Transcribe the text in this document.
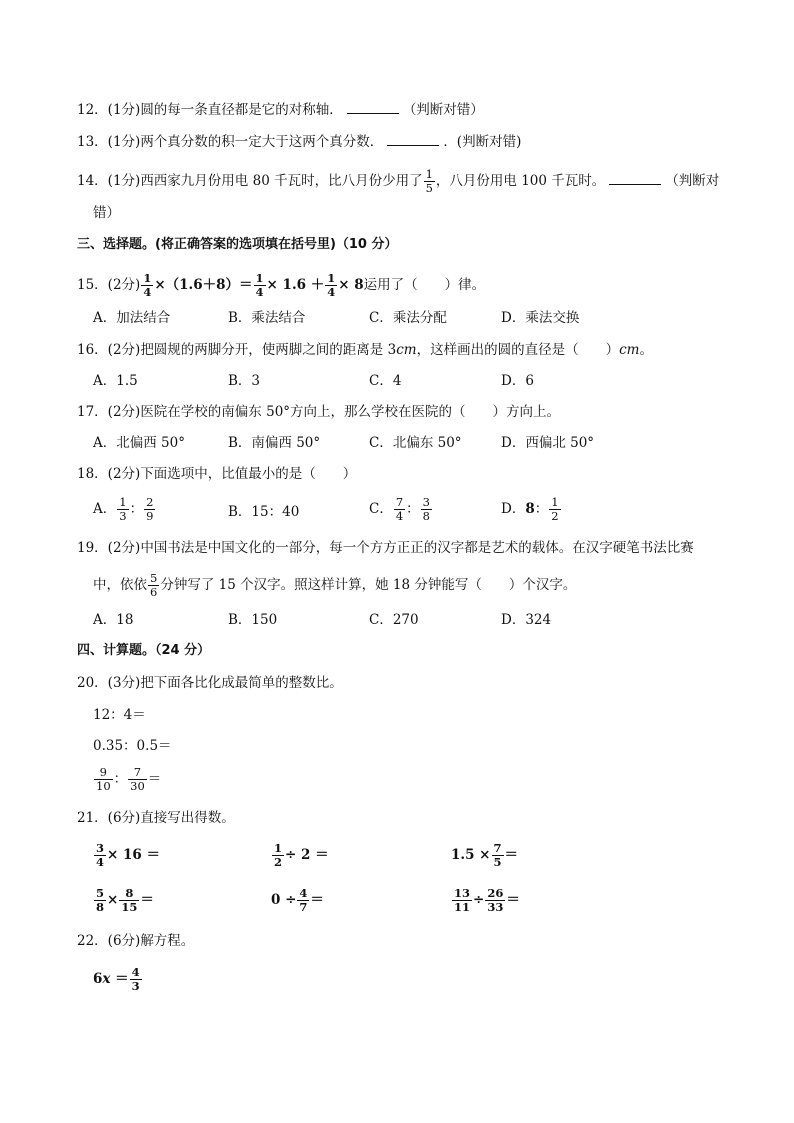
12．(1分)圆的每一条直径都是它的对称轴．	（判断对错）
13．(1分)两个真分数的积一定大于这两个真分数．	．(判断对错)
14．(1分)西西家九月份用电 80 千瓦时，比八月份少用了 $\frac{1}{5}$ ，八月份用电 100 千瓦时。	（判断对
错）
三、选择题。(将正确答案的选项填在括号里)（10 分）
15．(2分) $\frac{1}{4} \times(1.6+8)= \frac{1}{4} \times 1.6 + \frac{1}{4} \times 8$运用了（　　）律。
A．加法结合	B．乘法结合	C．乘法分配	D．乘法交换
16．(2分)把圆规的两脚分开，使两脚之间的距离是 3cm，这样画出的圆的直径是（　　）cm。
A．1.5	B．3	C．4	D．6
17．(2分)医院在学校的南偏东 50°方向上，那么学校在医院的（　　）方向上。
A．北偏西 50°	B．南偏西 50°	C．北偏东 50°	D．西偏北 50°
18．(2分)下面选项中，比值最小的是（　　）
A． $\frac{1}{3}$ ： $\frac{2}{9}$	B．15：40	C． $\frac{7}{4}$ ： $\frac{3}{8}$	D．8： $\frac{1}{2}$
19．(2分)中国书法是中国文化的一部分，每一个方方正正的汉字都是艺术的载体。在汉字硬笔书法比赛
中，依依 $\frac{5}{6}$ 分钟写了 15 个汉字。照这样计算，她 18 分钟能写（　　）个汉字。
A．18	B．150	C．270	D．324
四、计算题。（24 分）
20．(3分)把下面各比化成最简单的整数比。
12：4＝
0.35：0.5＝
$\frac{9}{10}$ ： $\frac{7}{30}$ ＝
21．(6分)直接写出得数。
$\frac{3}{4} \times 16$ ＝	$\frac{1}{2} \div 2$ ＝	$1.5 \times \frac{7}{5}$ ＝
$\frac{5}{8} \times \frac{8}{15}$ ＝	$0 \div \frac{4}{7}$ ＝	$\frac{13}{11} \div \frac{26}{33}$ ＝
22．(6分)解方程。
$6x = \frac{4}{3}$
